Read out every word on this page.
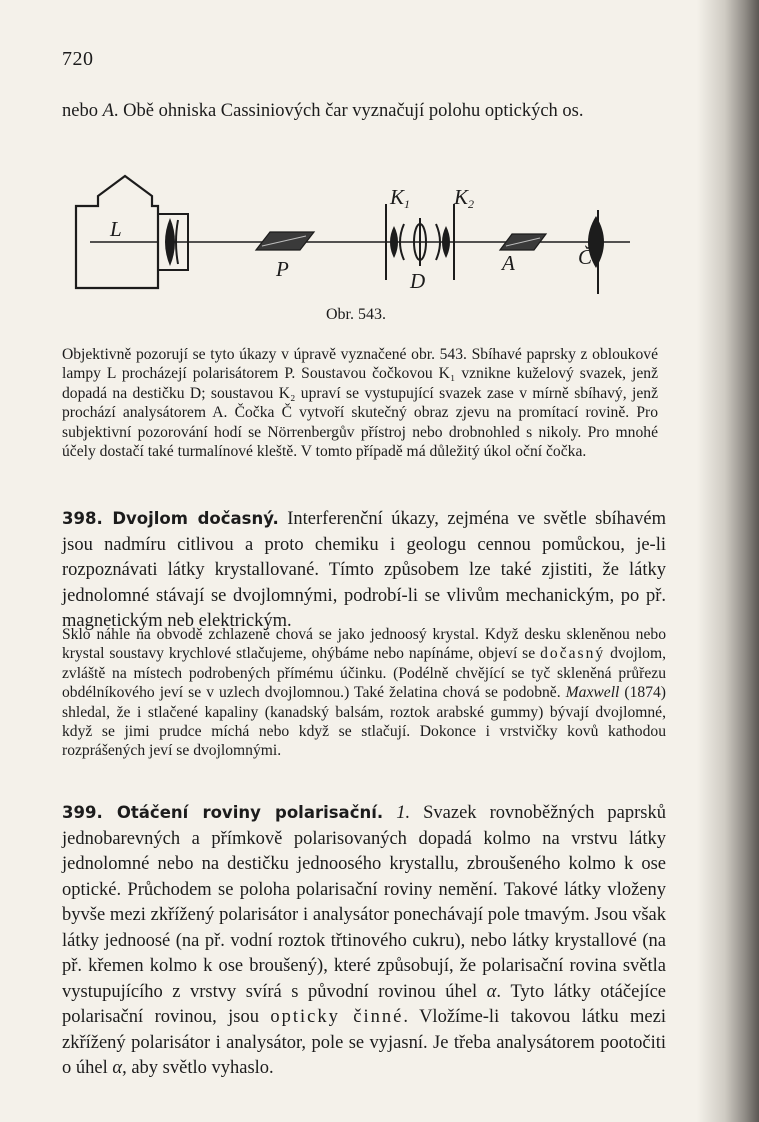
720

nebo A. Obě ohniska Cassiniových čar vyznačují polohu optických os.

L
P
K1
D
K2
A	Č
Obr. 543.

Objektivně pozorují se tyto úkazy v úpravě vyznačené obr. 543. Sbíhavé paprsky z obloukové lampy L procházejí polarisátorem P. Soustavou čočkovou K₁ vznikne kuželový svazek, jenž dopadá na destičku D; soustavou K₂ upraví se vystupující svazek zase v mírně sbíhavý, jenž prochází analysátorem A. Čočka Č vytvoří skutečný obraz zjevu na promítací rovině. Pro subjektivní pozorování hodí se Nörrenbergův přístroj nebo drobnohled s nikoly. Pro mnohé účely dostačí také turmalínové kleště. V tomto případě má důležitý úkol oční čočka.

398. Dvojlom dočasný. Interferenční úkazy, zejména ve světle sbíhavém jsou nadmíru citlivou a proto chemiku i geologu cennou pomůckou, je-li rozpoznávati látky krystallované. Tímto způsobem lze také zjistiti, že látky jednolomné stávají se dvojlomnými, podrobí-li se vlivům mechanickým, po př. magnetickým neb elektrickým.

Sklo náhle na obvodě zchlazené chová se jako jednoosý krystal. Když desku skleněnou nebo krystal soustavy krychlové stlačujeme, ohýbáme nebo napínáme, objeví se dočasný dvojlom, zvláště na místech podrobených přímému účinku. (Podélně chvějící se tyč skleněná průřezu obdélníkového jeví se v uzlech dvojlomnou.) Také želatina chová se podobně. Maxwell (1874) shledal, že i stlačené kapaliny (kanadský balsám, roztok arabské gummy) bývají dvojlomné, když se jimi prudce míchá nebo když se stlačují. Dokonce i vrstvičky kovů kathodou rozprášených jeví se dvojlomnými.

399. Otáčení roviny polarisační. 1. Svazek rovnoběžných paprsků jednobarevných a přímkově polarisovaných dopadá kolmo na vrstvu látky jednolomné nebo na destičku jednoosého krystallu, zbroušeného kolmo k ose optické. Průchodem se poloha polarisační roviny nemění. Takové látky vloženy byvše mezi zkřížený polarisátor i analysátor ponechávají pole tmavým. Jsou však látky jednoosé (na př. vodní roztok třtinového cukru), nebo látky krystallové (na př. křemen kolmo k ose broušený), které způsobují, že polarisační rovina světla vystupujícího z vrstvy svírá s původní rovinou úhel α. Tyto látky otáčejíce polarisační rovinou, jsou opticky činné. Vložíme-li takovou látku mezi zkřížený polarisátor i analysátor, pole se vyjasní. Je třeba analysátorem pootočiti o úhel α, aby světlo vyhaslo.
